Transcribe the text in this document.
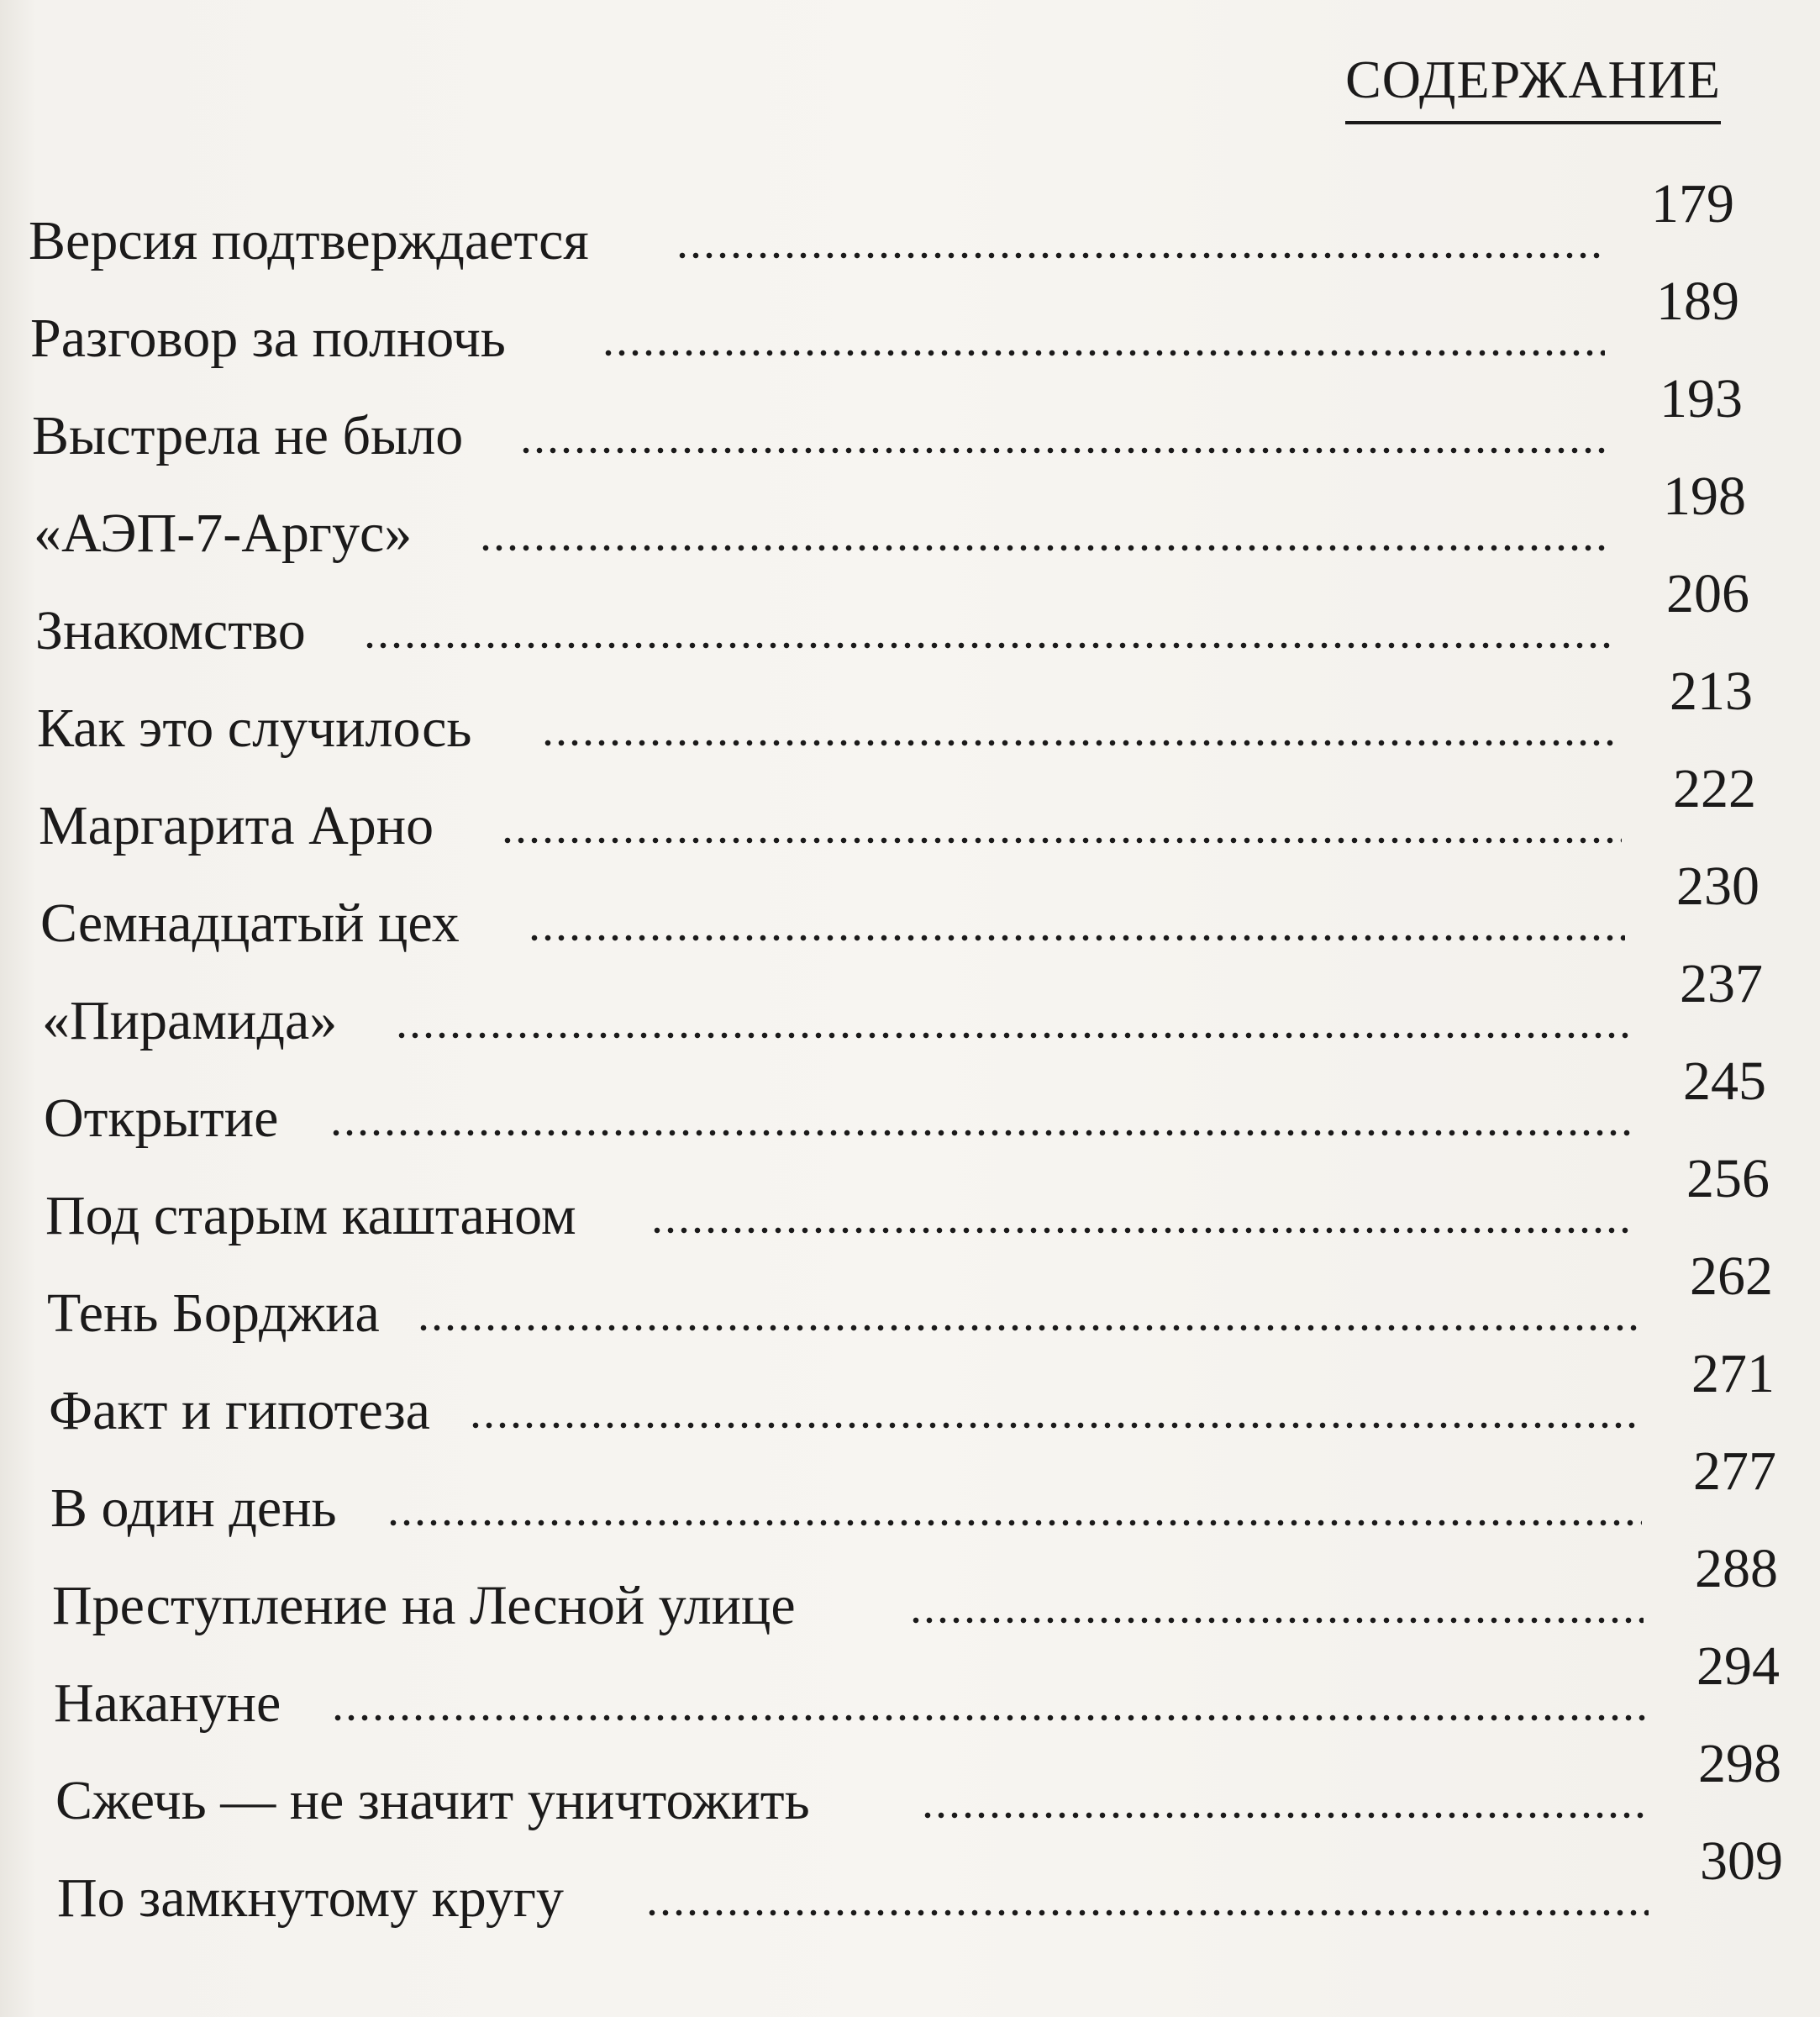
СОДЕРЖАНИЕ
Версия подтверждается
179
Разговор за полночь
189
Выстрела не было
193
«АЭП-7-Аргус»
198
Знакомство
206
Как это случилось
213
Маргарита Арно
222
Семнадцатый цех
230
«Пирамида»
237
Открытие
245
Под старым каштаном
256
Тень Борджиа
262
Факт и гипотеза
271
В один день
277
Преступление на Лесной улице
288
Накануне
294
Сжечь — не значит уничтожить
298
По замкнутому кругу
309
